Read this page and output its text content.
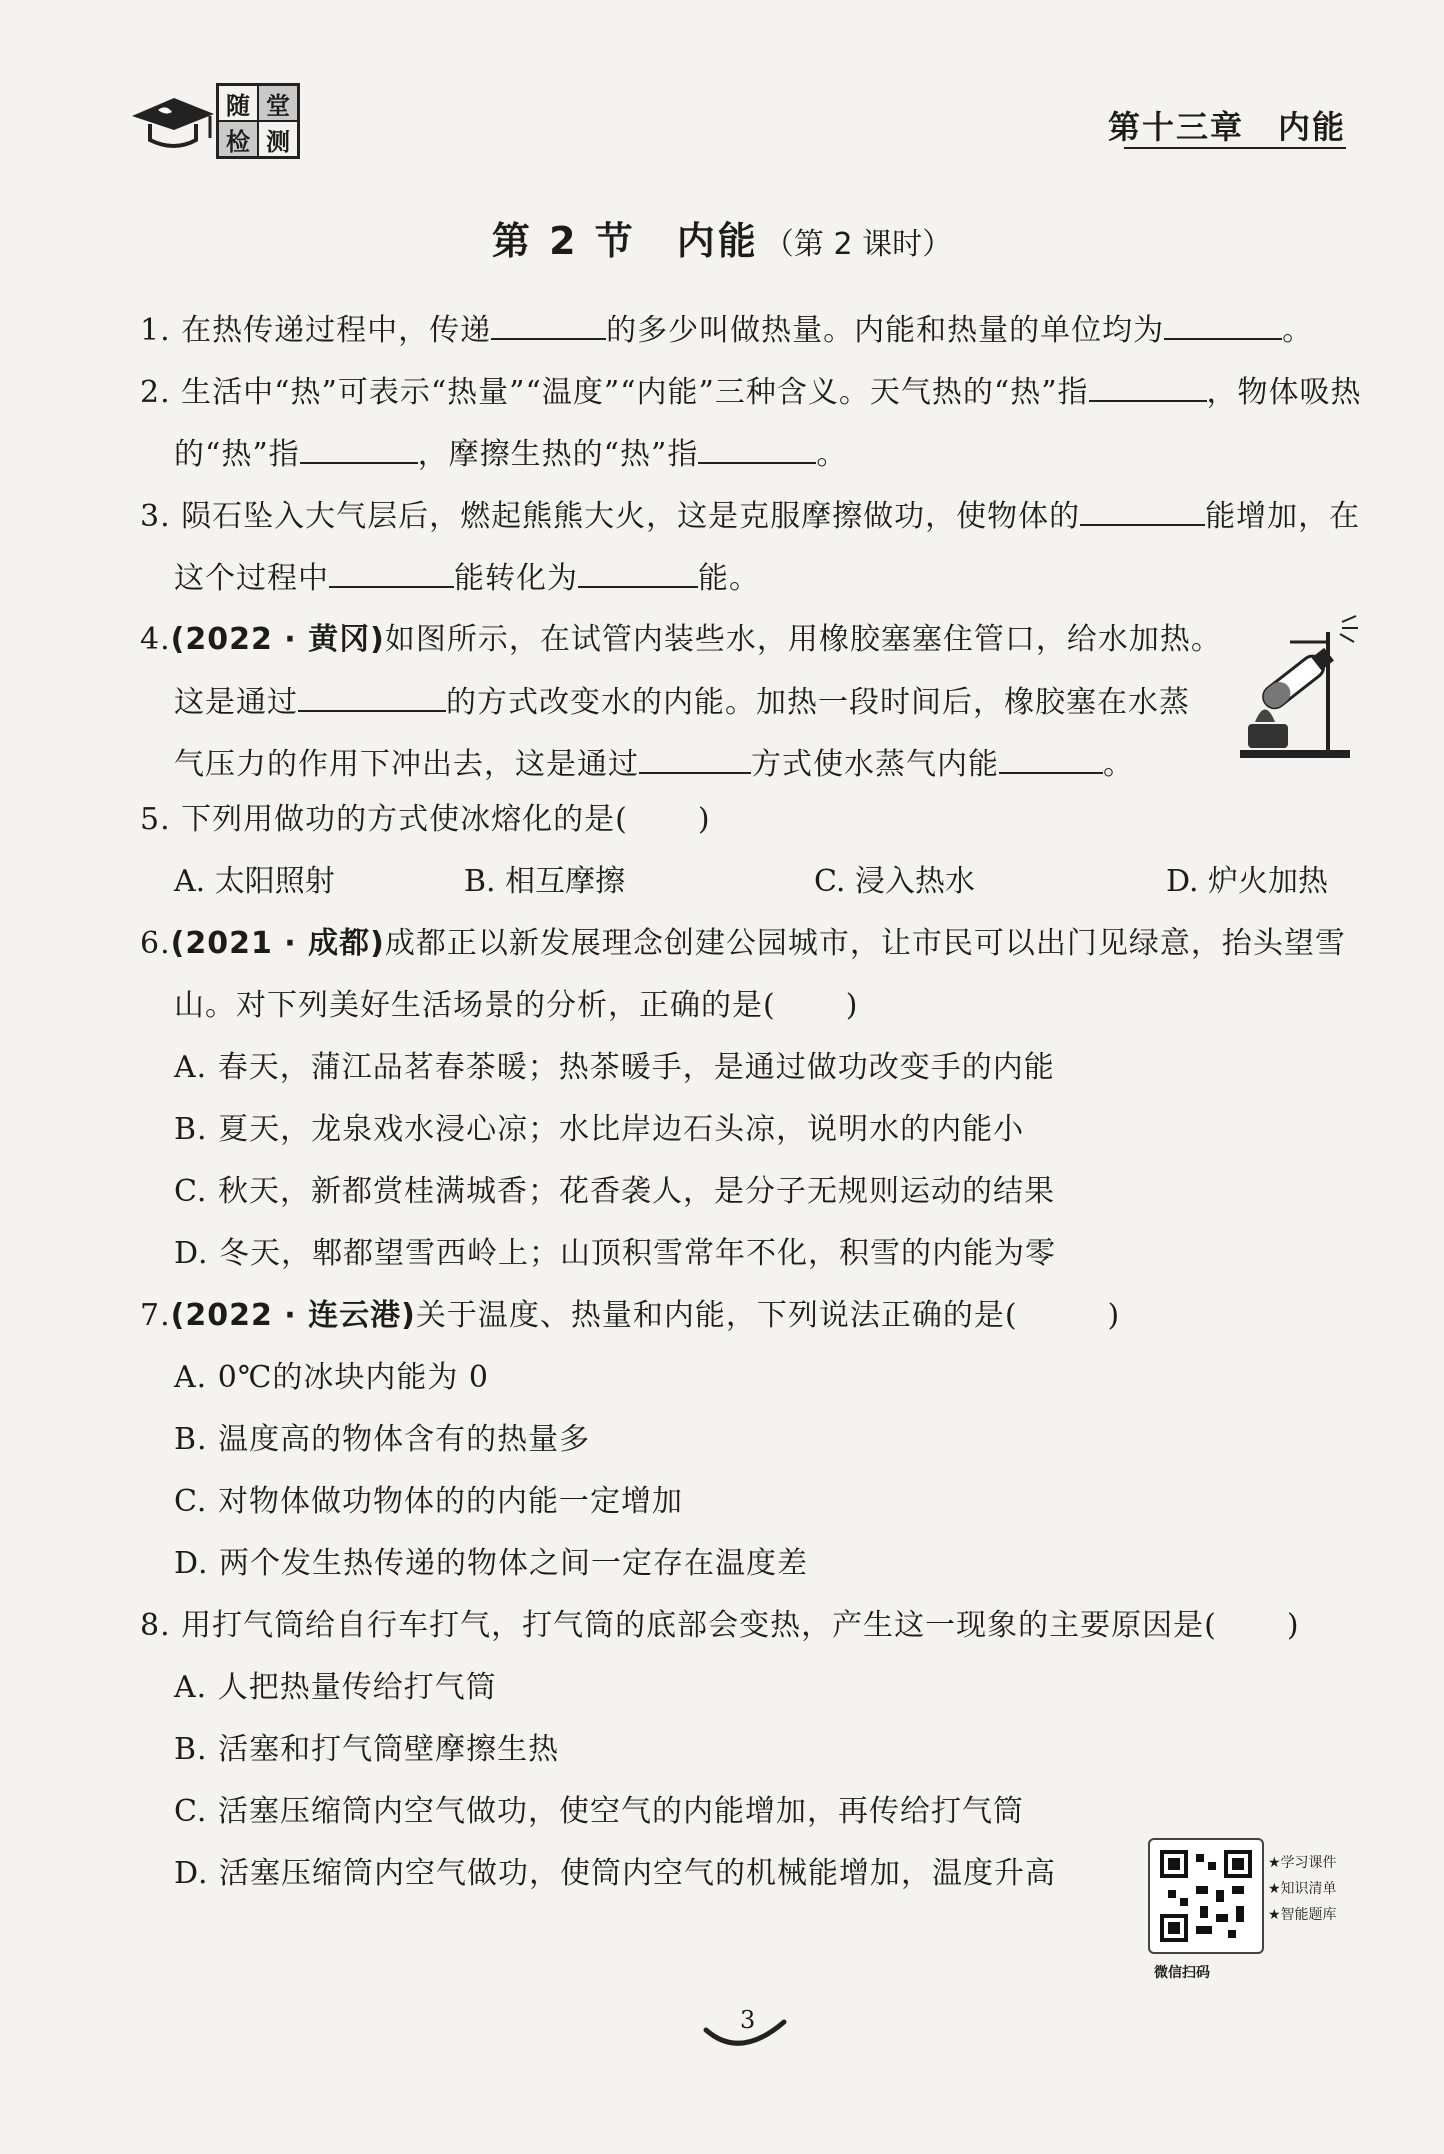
随 堂
检 测	第十三章　内能
第 2 节　内能 （第 2 课时）
1. 在热传递过程中，传递	的多少叫做热量。内能和热量的单位均为	。
2. 生活中“热”可表示“热量”“温度”“内能”三种含义。天气热的“热”指	，物体吸热
的“热”指	，摩擦生热的“热”指	。
3. 陨石坠入大气层后，燃起熊熊大火，这是克服摩擦做功，使物体的	能增加，在
这个过程中	能转化为	能。
4.(2022 · 黄冈)如图所示，在试管内装些水，用橡胶塞塞住管口，给水加热。
这是通过	的方式改变水的内能。加热一段时间后，橡胶塞在水蒸
气压力的作用下冲出去，这是通过	方式使水蒸气内能	。
5. 下列用做功的方式使冰熔化的是( )
A. 太阳照射	B. 相互摩擦	C. 浸入热水	D. 炉火加热
6.(2021 · 成都)成都正以新发展理念创建公园城市，让市民可以出门见绿意，抬头望雪
山。对下列美好生活场景的分析，正确的是( )
A. 春天，蒲江品茗春茶暖；热茶暖手，是通过做功改变手的内能
B. 夏天，龙泉戏水浸心凉；水比岸边石头凉，说明水的内能小
C. 秋天，新都赏桂满城香；花香袭人，是分子无规则运动的结果
D. 冬天，郫都望雪西岭上；山顶积雪常年不化，积雪的内能为零
7.(2022 · 连云港)关于温度、热量和内能，下列说法正确的是(	)
A. 0℃的冰块内能为 0
B. 温度高的物体含有的热量多
C. 对物体做功物体的的内能一定增加
D. 两个发生热传递的物体之间一定存在温度差
8. 用打气筒给自行车打气，打气筒的底部会变热，产生这一现象的主要原因是( )
A. 人把热量传给打气筒
B. 活塞和打气筒壁摩擦生热
C. 活塞压缩筒内空气做功，使空气的内能增加，再传给打气筒
D. 活塞压缩筒内空气做功，使筒内空气的机械能增加，温度升高	★学习课件
★知识清单
★智能题库
微信扫码
3
